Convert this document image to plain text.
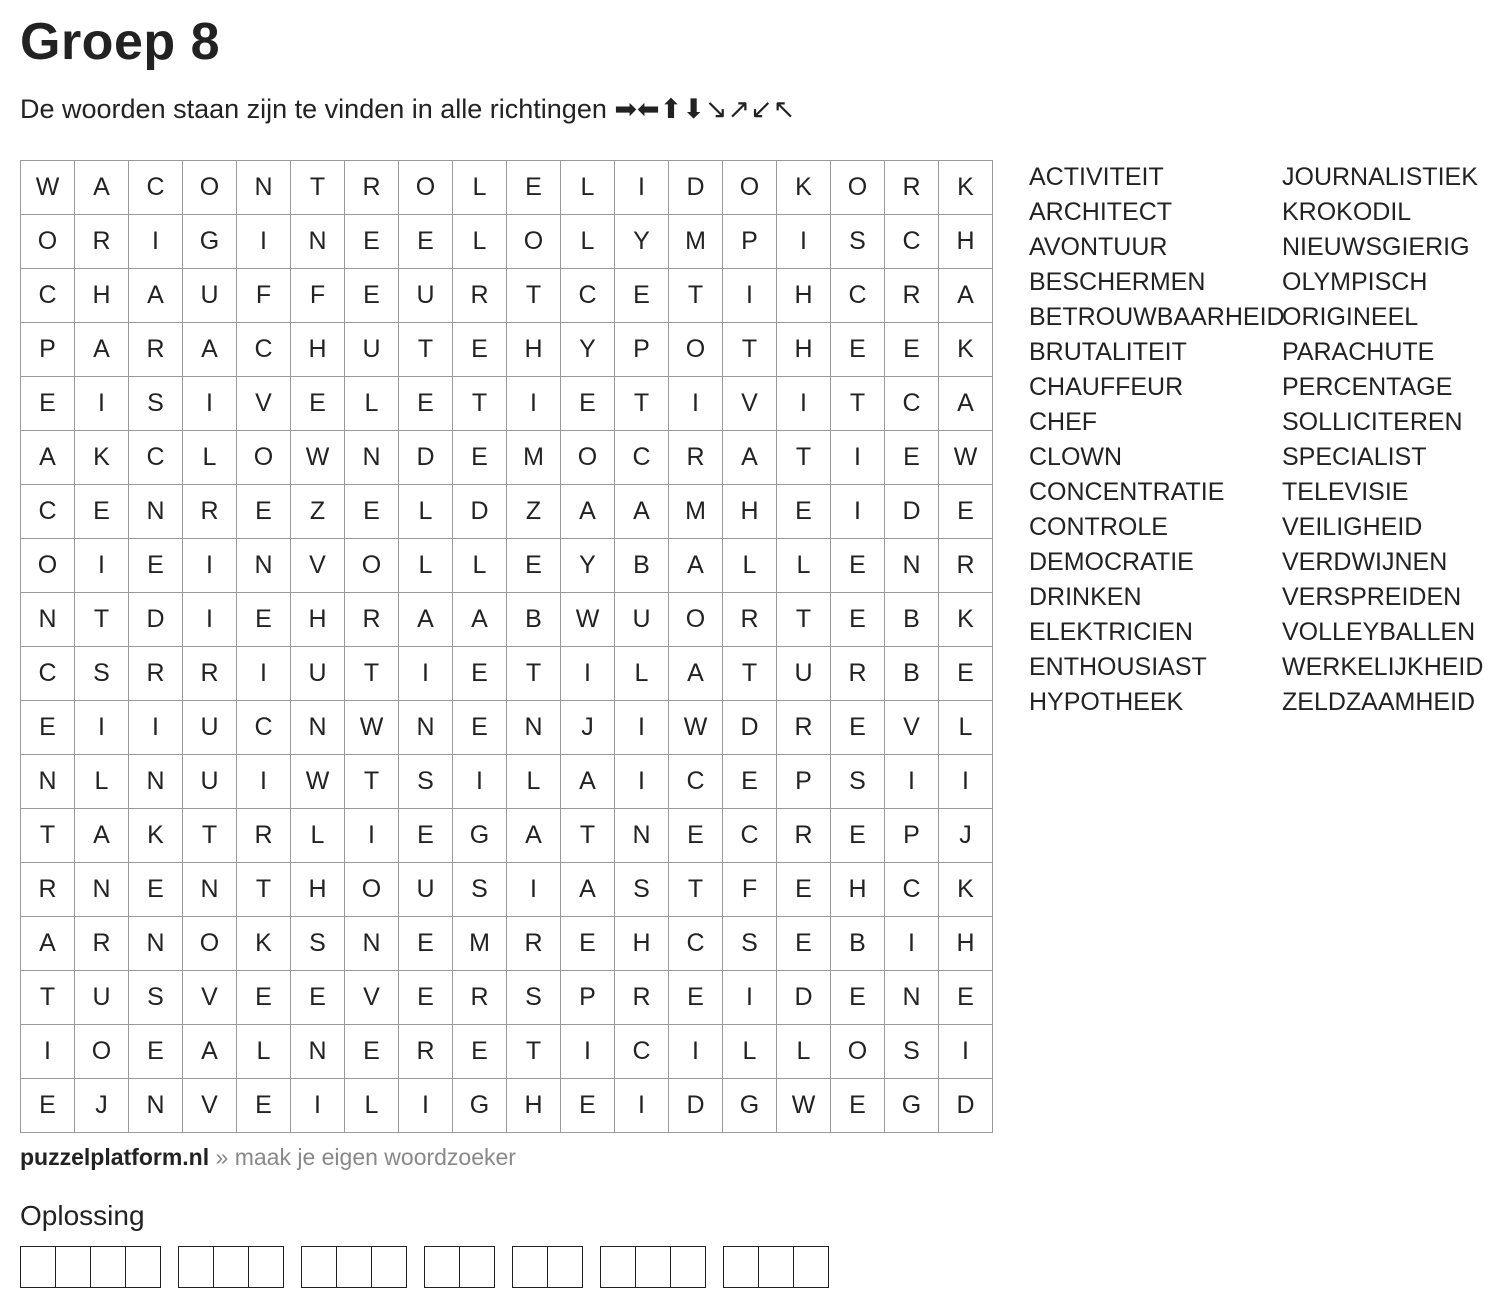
Groep 8

De woorden staan zijn te vinden in alle richtingen ➡⬅⬆⬇↘↗↙↖

W	A	C	O	N	T	R	O	L	E	L	I	D	O	K	O	R	K
O	R	I	G	I	N	E	E	L	O	L	Y	M	P	I	S	C	H
C	H	A	U	F	F	E	U	R	T	C	E	T	I	H	C	R	A
P	A	R	A	C	H	U	T	E	H	Y	P	O	T	H	E	E	K
E	I	S	I	V	E	L	E	T	I	E	T	I	V	I	T	C	A
A	K	C	L	O	W	N	D	E	M	O	C	R	A	T	I	E	W
C	E	N	R	E	Z	E	L	D	Z	A	A	M	H	E	I	D	E
O	I	E	I	N	V	O	L	L	E	Y	B	A	L	L	E	N	R
N	T	D	I	E	H	R	A	A	B	W	U	O	R	T	E	B	K
C	S	R	R	I	U	T	I	E	T	I	L	A	T	U	R	B	E
E	I	I	U	C	N	W	N	E	N	J	I	W	D	R	E	V	L
N	L	N	U	I	W	T	S	I	L	A	I	C	E	P	S	I	I
T	A	K	T	R	L	I	E	G	A	T	N	E	C	R	E	P	J
R	N	E	N	T	H	O	U	S	I	A	S	T	F	E	H	C	K
A	R	N	O	K	S	N	E	M	R	E	H	C	S	E	B	I	H
T	U	S	V	E	E	V	E	R	S	P	R	E	I	D	E	N	E
I	O	E	A	L	N	E	R	E	T	I	C	I	L	L	O	S	I
E	J	N	V	E	I	L	I	G	H	E	I	D	G	W	E	G	D
ACTIVITEIT
ARCHITECT
AVONTUUR
BESCHERMEN
BETROUWBAARHEID
BRUTALITEIT
CHAUFFEUR
CHEF
CLOWN
CONCENTRATIE
CONTROLE
DEMOCRATIE
DRINKEN
ELEKTRICIEN
ENTHOUSIAST
HYPOTHEEK
JOURNALISTIEK
KROKODIL
NIEUWSGIERIG
OLYMPISCH
ORIGINEEL
PARACHUTE
PERCENTAGE
SOLLICITEREN
SPECIALIST
TELEVISIE
VEILIGHEID
VERDWIJNEN
VERSPREIDEN
VOLLEYBALLEN
WERKELIJKHEID
ZELDZAAMHEID
puzzelplatform.nl » maak je eigen woordzoeker
Oplossing
